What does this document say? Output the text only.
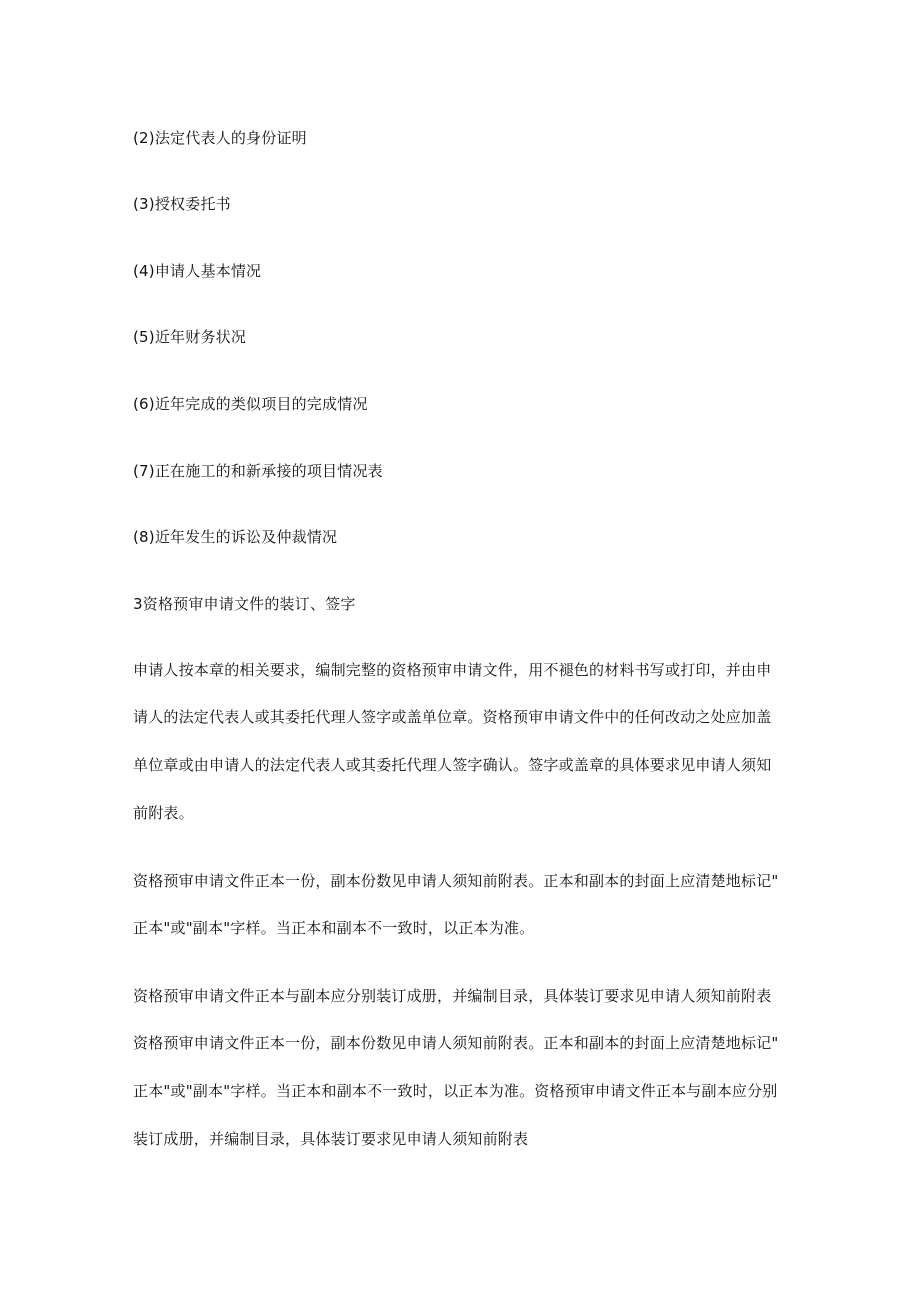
(2)法定代表人的身份证明
(3)授权委托书
(4)申请人基本情况
(5)近年财务状况
(6)近年完成的类似项目的完成情况
(7)正在施工的和新承接的项目情况表
(8)近年发生的诉讼及仲裁情况
3资格预审申请文件的装订、签字
申请人按本章的相关要求，编制完整的资格预审申请文件，用不褪色的材料书写或打印，并由申
请人的法定代表人或其委托代理人签字或盖单位章。资格预审申请文件中的任何改动之处应加盖
单位章或由申请人的法定代表人或其委托代理人签字确认。签字或盖章的具体要求见申请人须知
前附表。
资格预审申请文件正本一份，副本份数见申请人须知前附表。正本和副本的封面上应清楚地标记"
正本"或"副本"字样。当正本和副本不一致时，以正本为准。
资格预审申请文件正本与副本应分别装订成册，并编制目录，具体装订要求见申请人须知前附表
资格预审申请文件正本一份，副本份数见申请人须知前附表。正本和副本的封面上应清楚地标记"
正本"或"副本"字样。当正本和副本不一致时，以正本为准。资格预审申请文件正本与副本应分别
装订成册，并编制目录，具体装订要求见申请人须知前附表
